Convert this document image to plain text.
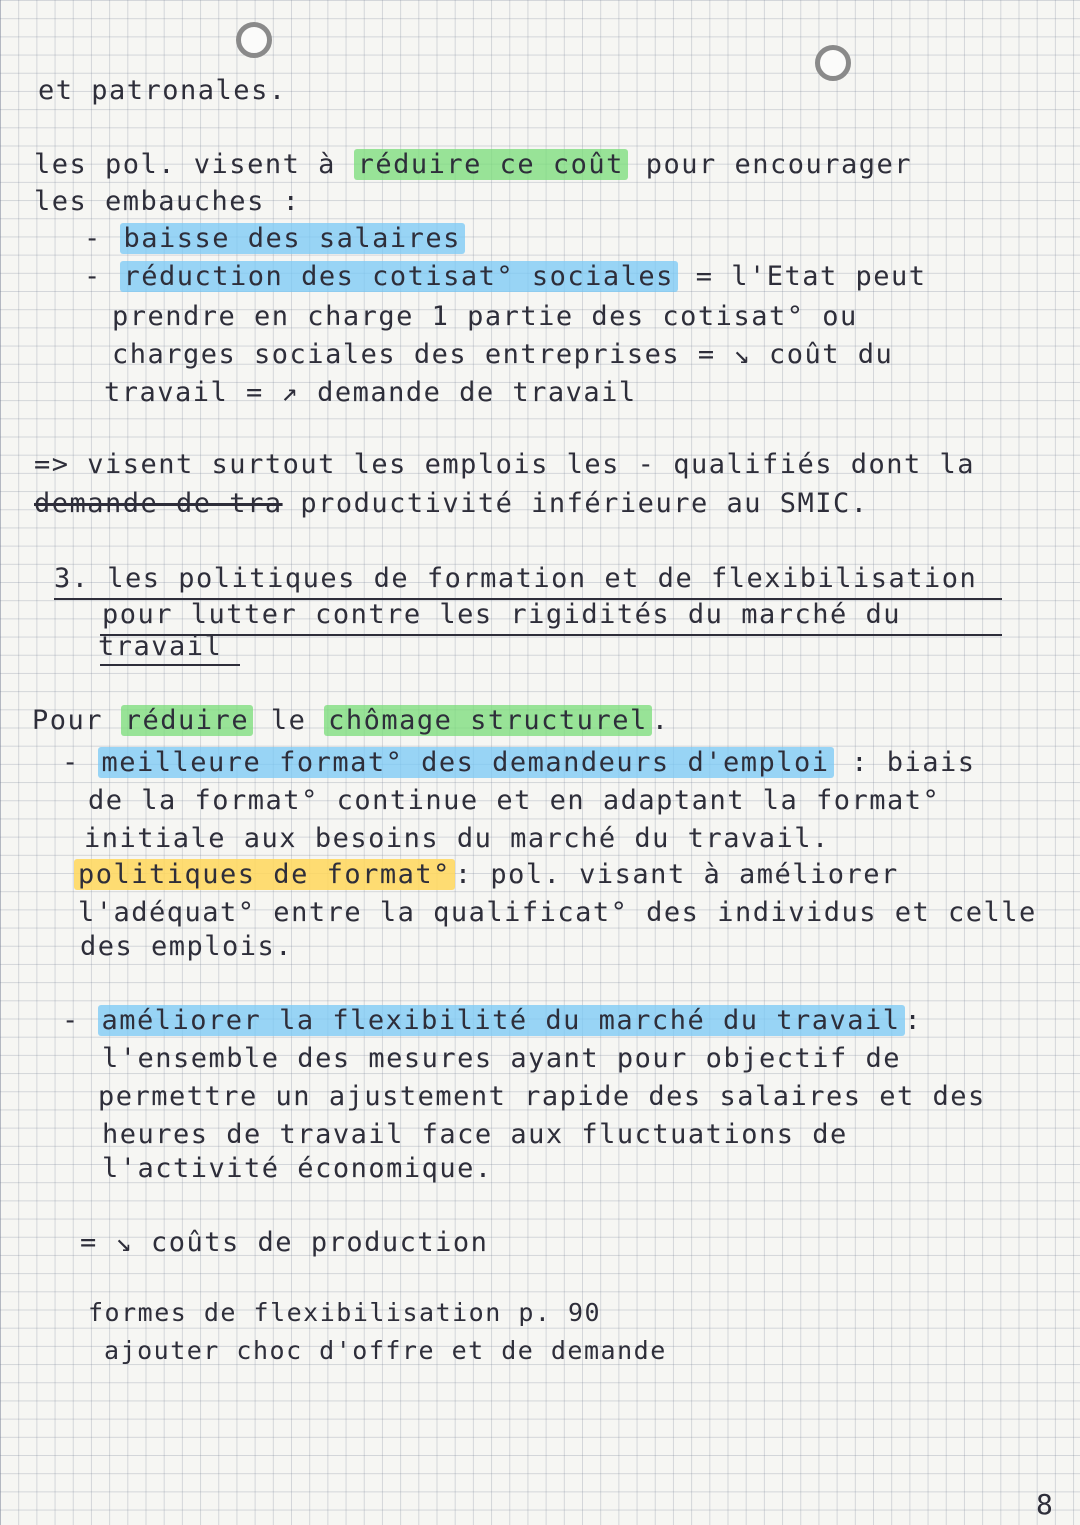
et patronales.
les pol. visent à réduire ce coût pour encourager
les embauches :
- baisse des salaires
- réduction des cotisat° sociales = l'Etat peut
prendre en charge 1 partie des cotisat° ou
charges sociales des entreprises = ↘ coût du
travail = ↗ demande de travail
=> visent surtout les emplois les - qualifiés dont la
demande de tra productivité inférieure au SMIC.
3. les politiques de formation et de flexibilisation
pour lutter contre les rigidités du marché du
travail
Pour réduire le chômage structurel .
- meilleure format° des demandeurs d'emploi : biais
de la format° continue et en adaptant la format°
initiale aux besoins du marché du travail.
politiques de format° : pol. visant à améliorer
l'adéquat° entre la qualificat° des individus et celle
des emplois.
- améliorer la flexibilité du marché du travail :
l'ensemble des mesures ayant pour objectif de
permettre un ajustement rapide des salaires et des
heures de travail face aux fluctuations de
l'activité économique.
= ↘ coûts de production
formes de flexibilisation p. 90
ajouter choc d'offre et de demande
8
